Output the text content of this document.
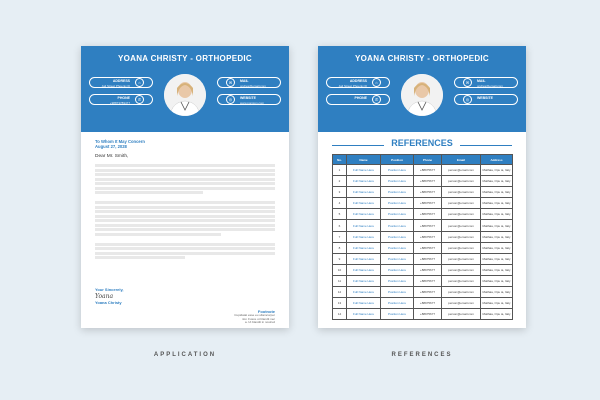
YOANA CHRISTY - ORTHOPEDIC
ADDRESS
Jail Street Phoenix III
⌂
PHONE
+98873789477
✆
✉	MAIL
ondres@email.com
◎	WEBSITE
www.ponsion.com
To Whom It May Concern
August 27, 2028
Dear Mr. Smith,
Your Sincerely,
Yoana
Yoana Christy
Footnote
Cupidatat esse eu ullamcorper
nisi. Fusce ut blandit nec
a. Ut blandit in nostrud
YOANA CHRISTY - ORTHOPEDIC
ADDRESS
Jail Street Phoenix III
⌂
PHONE	✆
✉	MAIL
ondres@email.com
◎	WEBSITE
REFERENCES
No.	Name	Position	Phone	Email	Address
1	Full Name Here	Position Here	+88975677	person@email.com	Malifaia, Opu ia, Italy
2	Full Name Here	Position Here	+88975677	person@email.com	Malifaia, Opu ia, Italy
3	Full Name Here	Position Here	+88975677	person@email.com	Malifaia, Opu ia, Italy
4	Full Name Here	Position Here	+88975677	person@email.com	Malifaia, Opu ia, Italy
5	Full Name Here	Position Here	+88975677	person@email.com	Malifaia, Opu ia, Italy
6	Full Name Here	Position Here	+88975677	person@email.com	Malifaia, Opu ia, Italy
7	Full Name Here	Position Here	+88975677	person@email.com	Malifaia, Opu ia, Italy
8	Full Name Here	Position Here	+88975677	person@email.com	Malifaia, Opu ia, Italy
9	Full Name Here	Position Here	+88975677	person@email.com	Malifaia, Opu ia, Italy
10	Full Name Here	Position Here	+88975677	person@email.com	Malifaia, Opu ia, Italy
11	Full Name Here	Position Here	+88975677	person@email.com	Malifaia, Opu ia, Italy
12	Full Name Here	Position Here	+88975677	person@email.com	Malifaia, Opu ia, Italy
13	Full Name Here	Position Here	+88975677	person@email.com	Malifaia, Opu ia, Italy
14	Full Name Here	Position Here	+88975677	person@email.com	Malifaia, Opu ia, Italy
APPLICATION	REFERENCES
